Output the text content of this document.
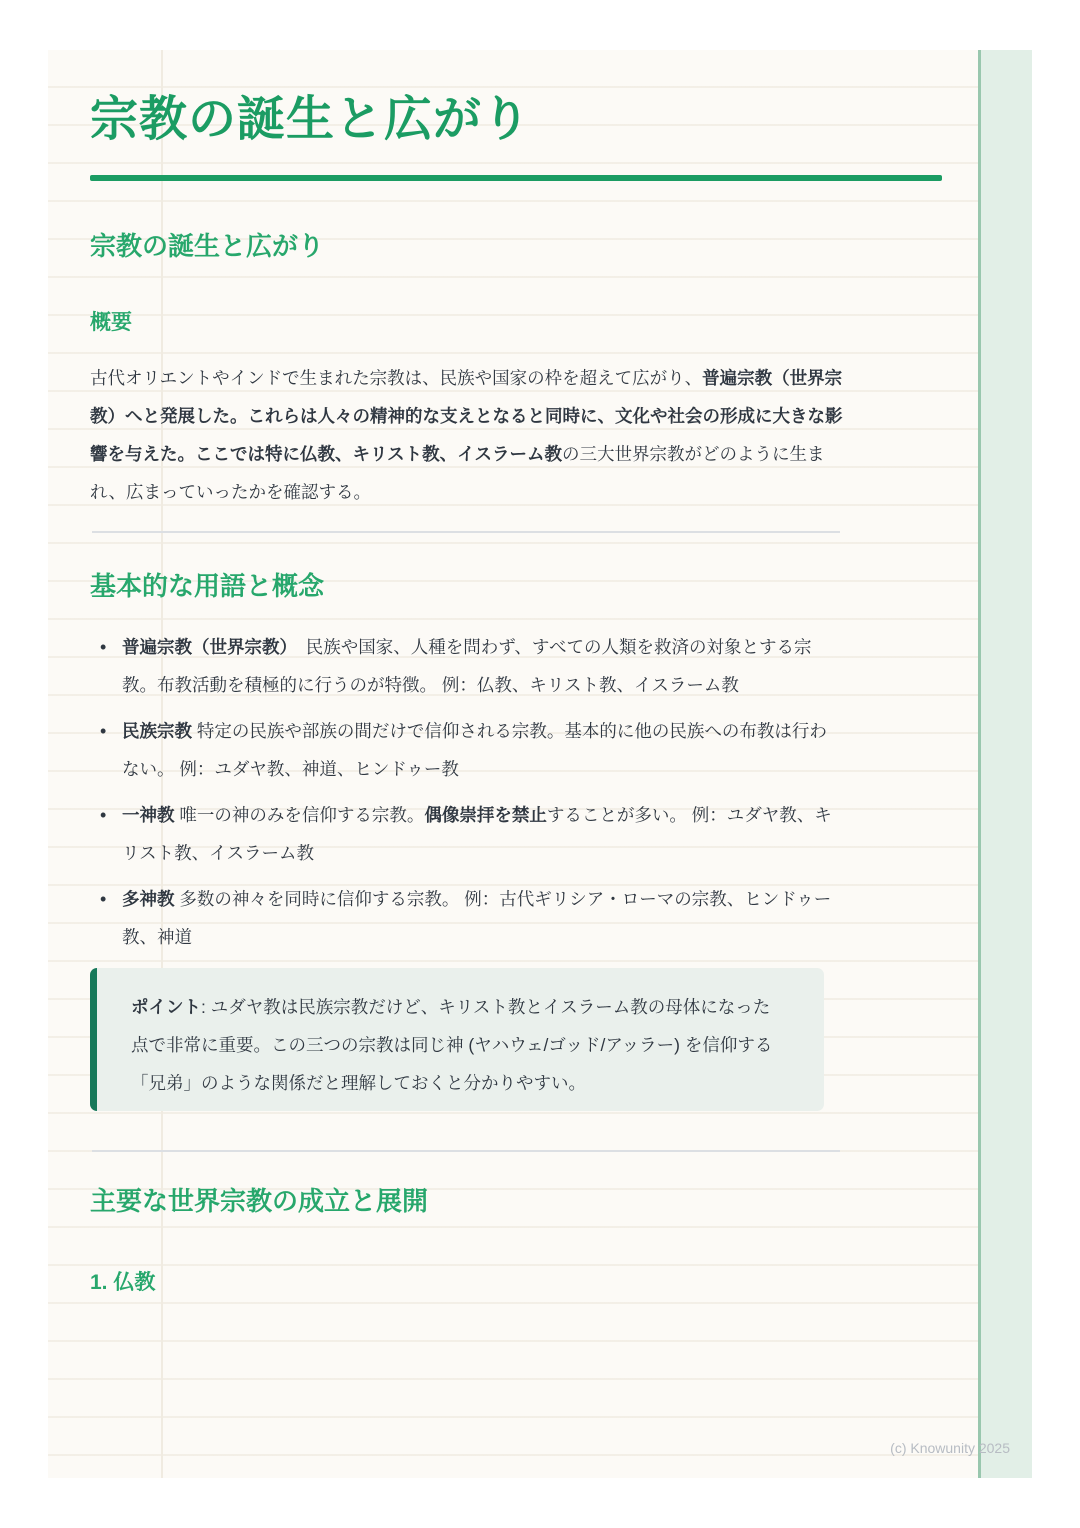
宗教の誕生と広がり
宗教の誕生と広がり
概要

古代オリエントやインドで生まれた宗教は、民族や国家の枠を超えて広がり、普遍宗教（世界宗教）へと発展した。これらは人々の精神的な支えとなると同時に、文化や社会の形成に大きな影響を与えた。ここでは特に仏教、キリスト教、イスラーム教の三大世界宗教がどのように生まれ、広まっていったかを確認する。

基本的な用語と概念
• 普遍宗教（世界宗教）　民族や国家、人種を問わず、すべての人類を救済の対象とする宗教。布教活動を積極的に行うのが特徴。 例：仏教、キリスト教、イスラーム教
• 民族宗教 特定の民族や部族の間だけで信仰される宗教。基本的に他の民族への布教は行わない。 例：ユダヤ教、神道、ヒンドゥー教
• 一神教 唯一の神のみを信仰する宗教。偶像崇拝を禁止することが多い。 例：ユダヤ教、キリスト教、イスラーム教
• 多神教 多数の神々を同時に信仰する宗教。 例：古代ギリシア・ローマの宗教、ヒンドゥー教、神道
ポイント: ユダヤ教は民族宗教だけど、キリスト教とイスラーム教の母体になった点で非常に重要。この三つの宗教は同じ神 (ヤハウェ/ゴッド/アッラー) を信仰する「兄弟」のような関係だと理解しておくと分かりやすい。
主要な世界宗教の成立と展開
1. 仏教
(c) Knowunity 2025
